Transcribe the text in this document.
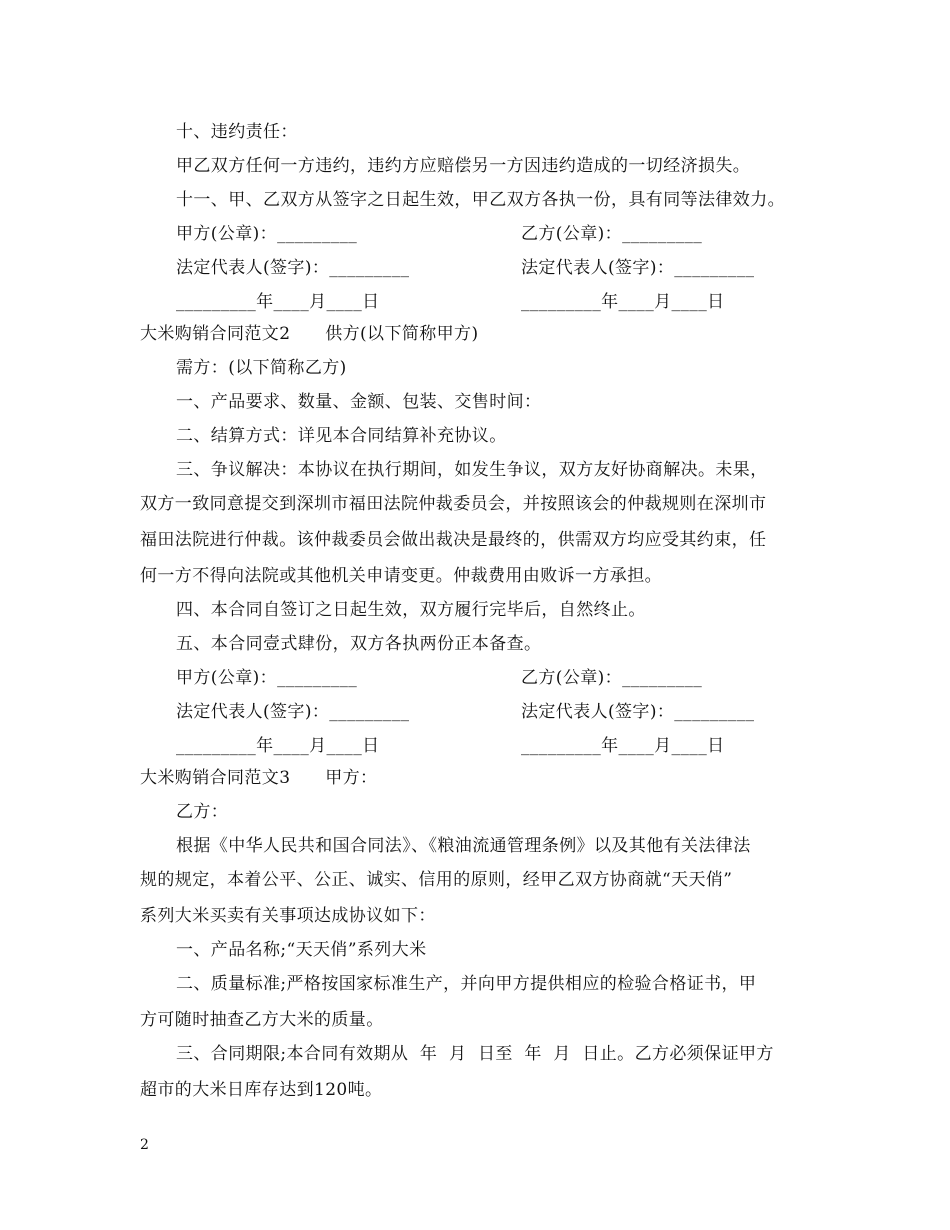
十、违约责任：
甲乙双方任何一方违约，违约方应赔偿另一方因违约造成的一切经济损失。
十一、甲、乙双方从签字之日起生效，甲乙双方各执一份，具有同等法律效力。
甲方(公章)：_________	乙方(公章)：_________
法定代表人(签字)：_________	法定代表人(签字)：_________
_________年____月____日	_________年____月____日
大米购销合同范文2　　供方(以下简称甲方)
需方：(以下简称乙方)
一、产品要求、数量、金额、包装、交售时间：
二、结算方式：详见本合同结算补充协议。
三、争议解决：本协议在执行期间，如发生争议，双方友好协商解决。未果，
双方一致同意提交到深圳市福田法院仲裁委员会，并按照该会的仲裁规则在深圳市
福田法院进行仲裁。该仲裁委员会做出裁决是最终的，供需双方均应受其约束，任
何一方不得向法院或其他机关申请变更。仲裁费用由败诉一方承担。
四、本合同自签订之日起生效，双方履行完毕后，自然终止。
五、本合同壹式肆份，双方各执两份正本备查。
甲方(公章)：_________	乙方(公章)：_________
法定代表人(签字)：_________	法定代表人(签字)：_________
_________年____月____日	_________年____月____日
大米购销合同范文3　　甲方：
乙方：
根据《中华人民共和国合同法》、《粮油流通管理条例》以及其他有关法律法
规的规定，本着公平、公正、诚实、信用的原则，经甲乙双方协商就“天天俏”
系列大米买卖有关事项达成协议如下：
一、产品名称;“天天俏”系列大米
二、质量标准;严格按国家标准生产，并向甲方提供相应的检验合格证书，甲
方可随时抽查乙方大米的质量。
三、合同期限;本合同有效期从  年  月  日至  年  月  日止。乙方必须保证甲方
超市的大米日库存达到120吨。
2
